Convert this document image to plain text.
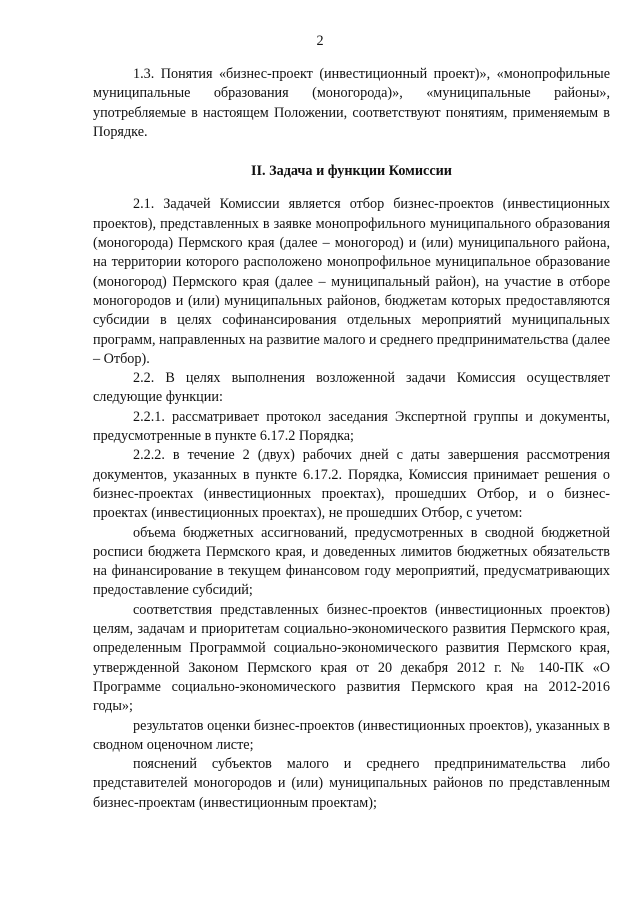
2

1.3. Понятия «бизнес-проект (инвестиционный проект)», «монопрофильные муниципальные образования (моногорода)», «муниципальные районы», употребляемые в настоящем Положении, соответствуют понятиям, применяемым в Порядке.

II. Задача и функции Комиссии

2.1. Задачей Комиссии является отбор бизнес-проектов (инвестиционных проектов), представленных в заявке монопрофильного муниципального образования (моногорода) Пермского края (далее – моногород) и (или) муниципального района, на территории которого расположено монопрофильное муниципальное образование (моногород) Пермского края (далее – муниципальный район), на участие в отборе моногородов и (или) муниципальных районов, бюджетам которых предоставляются субсидии в целях софинансирования отдельных мероприятий муниципальных программ, направленных на развитие малого и среднего предпринимательства (далее – Отбор).

2.2. В целях выполнения возложенной задачи Комиссия осуществляет следующие функции:

2.2.1. рассматривает протокол заседания Экспертной группы и документы, предусмотренные в пункте 6.17.2 Порядка;

2.2.2. в течение 2 (двух) рабочих дней с даты завершения рассмотрения документов, указанных в пункте 6.17.2. Порядка, Комиссия принимает решения о бизнес-проектах (инвестиционных проектах), прошедших Отбор, и о бизнес-проектах (инвестиционных проектах), не прошедших Отбор, с учетом:

объема бюджетных ассигнований, предусмотренных в сводной бюджетной росписи бюджета Пермского края, и доведенных лимитов бюджетных обязательств на финансирование в текущем финансовом году мероприятий, предусматривающих предоставление субсидий;

соответствия представленных бизнес-проектов (инвестиционных проектов) целям, задачам и приоритетам социально-экономического развития Пермского края, определенным Программой социально-экономического развития Пермского края, утвержденной Законом Пермского края от 20 декабря 2012 г. № 140-ПК «О Программе социально-экономического развития Пермского края на 2012-2016 годы»;

результатов оценки бизнес-проектов (инвестиционных проектов), указанных в сводном оценочном листе;

пояснений субъектов малого и среднего предпринимательства либо представителей моногородов и (или) муниципальных районов по представленным бизнес-проектам (инвестиционным проектам);
